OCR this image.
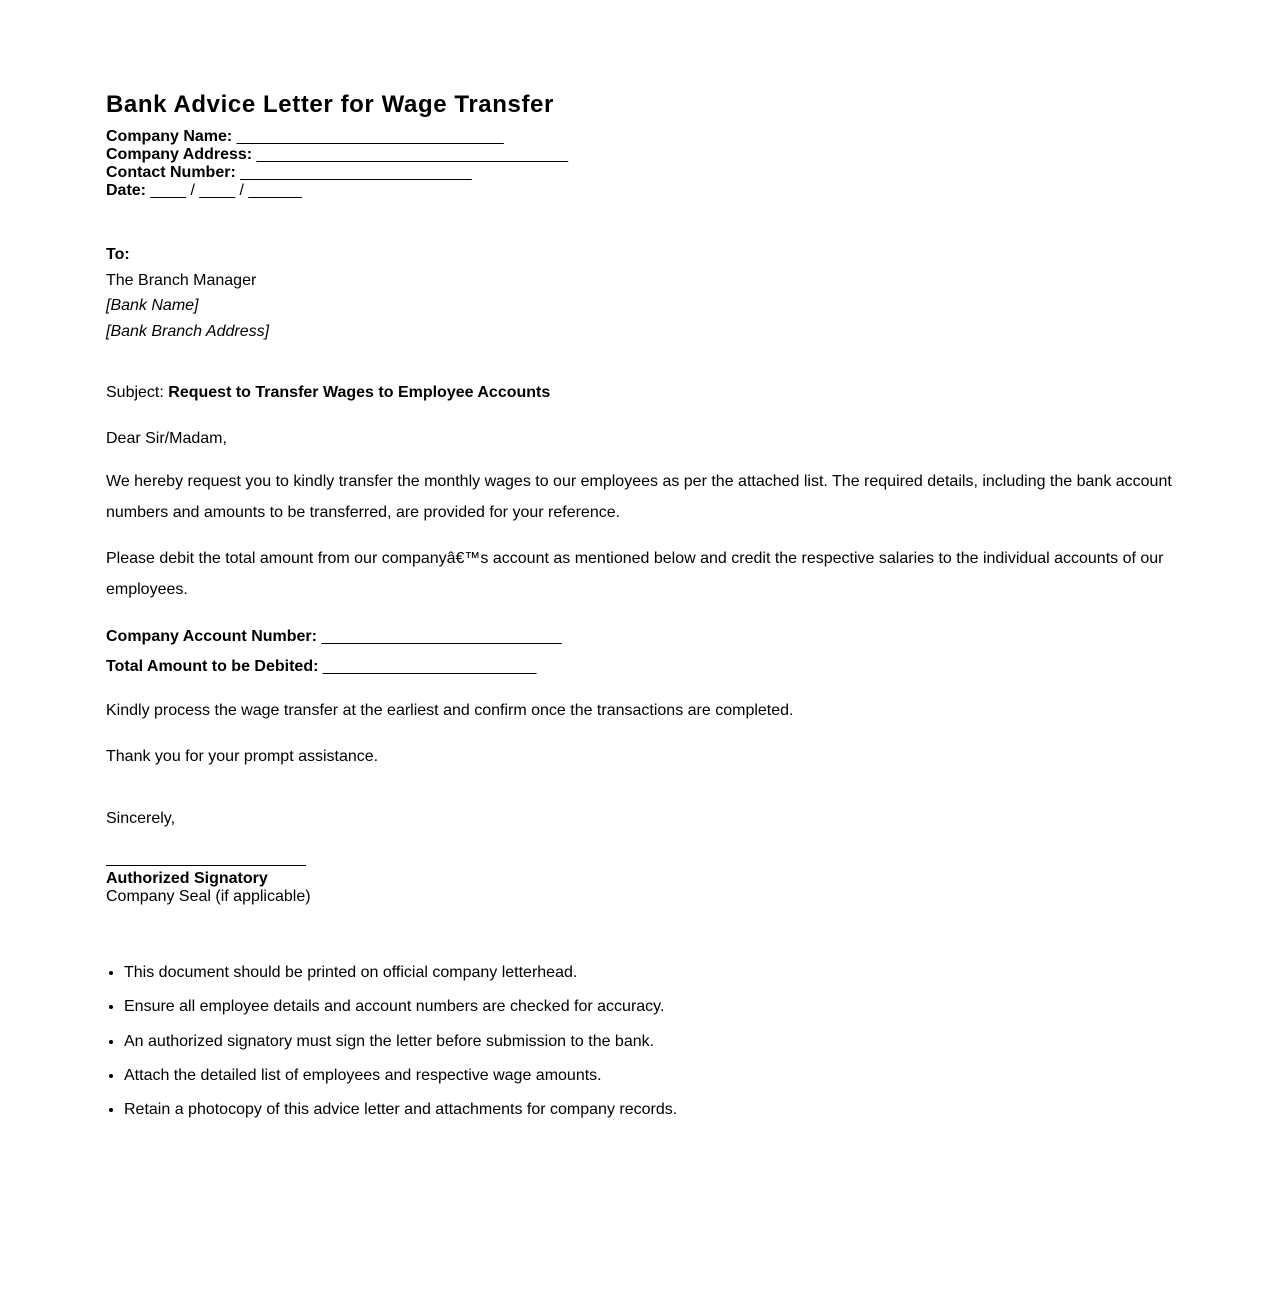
Bank Advice Letter for Wage Transfer
Company Name: ______________________________
Company Address: ___________________________________
Contact Number: __________________________
Date: ____ / ____ / ______
To:
The Branch Manager
[Bank Name]
[Bank Branch Address]
Subject: Request to Transfer Wages to Employee Accounts
Dear Sir/Madam,
We hereby request you to kindly transfer the monthly wages to our employees as per the attached list. The required details, including the bank account numbers and amounts to be transferred, are provided for your reference.
Please debit the total amount from our companyâ€™s account as mentioned below and credit the respective salaries to the individual accounts of our employees.
Company Account Number: ___________________________
Total Amount to be Debited: ________________________
Kindly process the wage transfer at the earliest and confirm once the transactions are completed.
Thank you for your prompt assistance.
Sincerely,
Authorized Signatory
Company Seal (if applicable)
• This document should be printed on official company letterhead.
• Ensure all employee details and account numbers are checked for accuracy.
• An authorized signatory must sign the letter before submission to the bank.
• Attach the detailed list of employees and respective wage amounts.
• Retain a photocopy of this advice letter and attachments for company records.
